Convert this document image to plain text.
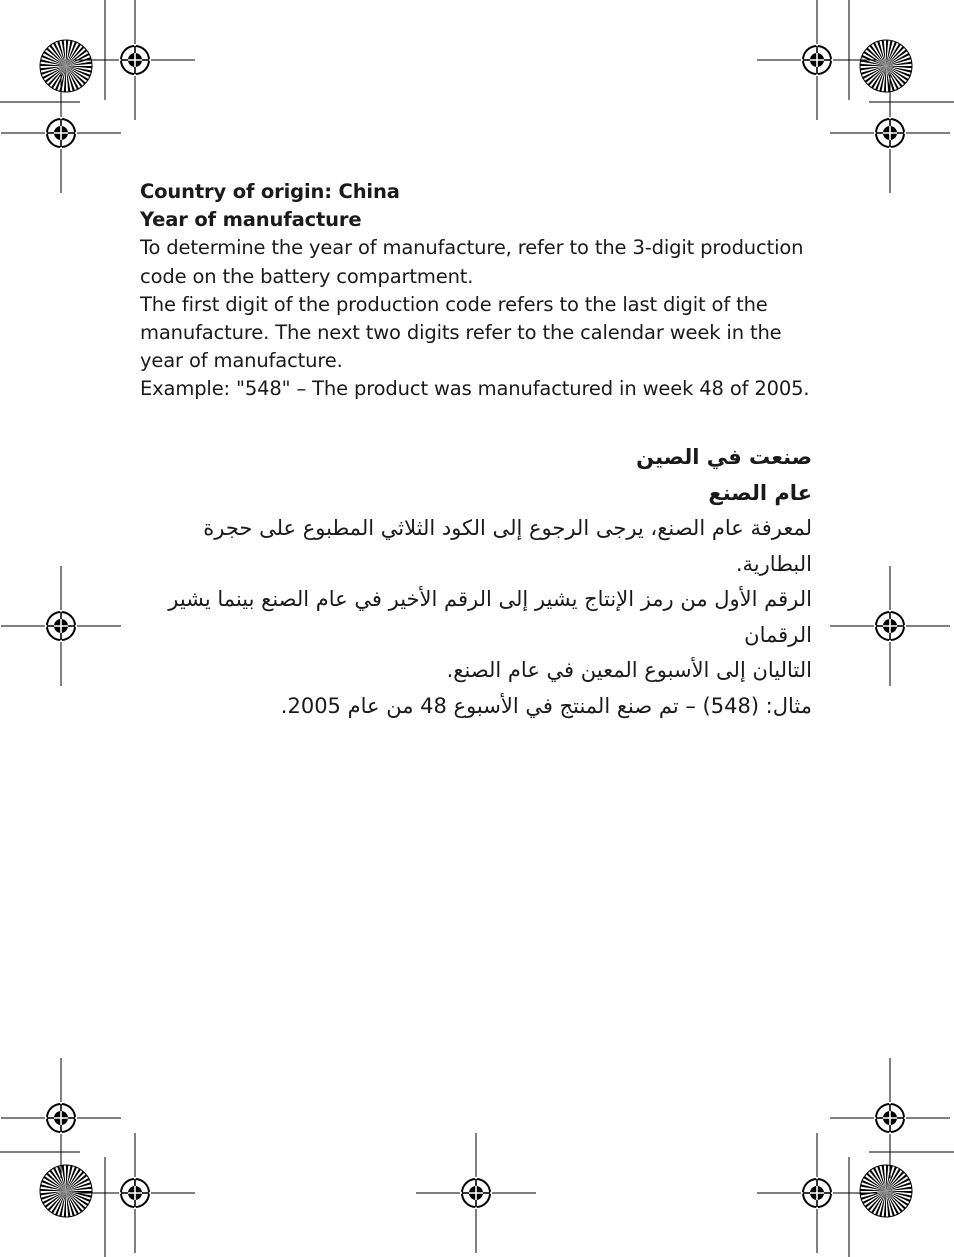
Country of origin: China

Year of manufacture

To determine the year of manufacture, refer to the 3-digit production

code on the battery compartment.

The first digit of the production code refers to the last digit of the

manufacture. The next two digits refer to the calendar week in the

year of manufacture.

Example: "548" – The product was manufactured in week 48 of 2005.

صنعت في الصين

عام الصنع

لمعرفة عام الصنع، يرجى الرجوع إلى الكود الثلاثي المطبوع على حجرة البطارية.

الرقم الأول من رمز الإنتاج يشير إلى الرقم الأخير في عام الصنع بينما يشير الرقمان

التاليان إلى الأسبوع المعين في عام الصنع.

مثال: (548) – تم صنع المنتج في الأسبوع 48 من عام 2005.
